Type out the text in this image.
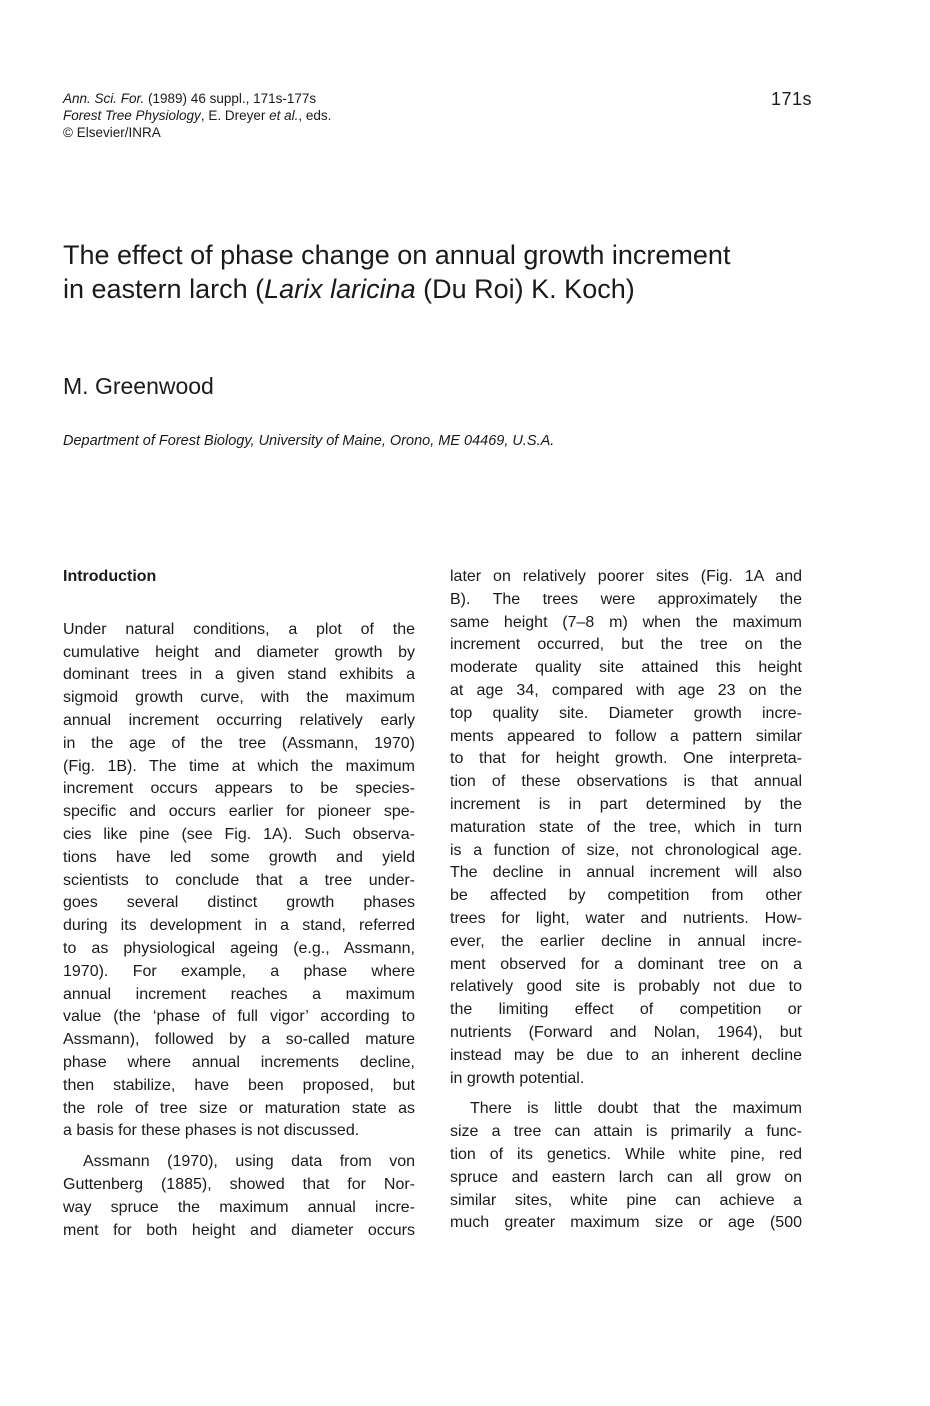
Ann. Sci. For. (1989) 46 suppl., 171s-177s
Forest Tree Physiology, E. Dreyer et al., eds.
© Elsevier/INRA
171s
The effect of phase change on annual growth increment
in eastern larch (Larix laricina (Du Roi) K. Koch)
M. Greenwood
Department of Forest Biology, University of Maine, Orono, ME 04469, U.S.A.
Introduction

Under natural conditions, a plot of the
cumulative height and diameter growth by
dominant trees in a given stand exhibits a
sigmoid growth curve, with the maximum
annual increment occurring relatively early
in the age of the tree (Assmann, 1970)
(Fig. 1B). The time at which the maximum
increment occurs appears to be species-
specific and occurs earlier for pioneer spe-
cies like pine (see Fig. 1A). Such observa-
tions have led some growth and yield
scientists to conclude that a tree under-
goes several distinct growth phases
during its development in a stand, referred
to as physiological ageing (e.g., Assmann,
1970). For example, a phase where
annual increment reaches a maximum
value (the ‘phase of full vigor’ according to
Assmann), followed by a so-called mature
phase where annual increments decline,
then stabilize, have been proposed, but
the role of tree size or maturation state as
a basis for these phases is not discussed.

Assmann (1970), using data from von
Guttenberg (1885), showed that for Nor-
way spruce the maximum annual incre-
ment for both height and diameter occurs

later on relatively poorer sites (Fig. 1A and
B). The trees were approximately the
same height (7–8 m) when the maximum
increment occurred, but the tree on the
moderate quality site attained this height
at age 34, compared with age 23 on the
top quality site. Diameter growth incre-
ments appeared to follow a pattern similar
to that for height growth. One interpreta-
tion of these observations is that annual
increment is in part determined by the
maturation state of the tree, which in turn
is a function of size, not chronological age.
The decline in annual increment will also
be affected by competition from other
trees for light, water and nutrients. How-
ever, the earlier decline in annual incre-
ment observed for a dominant tree on a
relatively good site is probably not due to
the limiting effect of competition or
nutrients (Forward and Nolan, 1964), but
instead may be due to an inherent decline
in growth potential.

There is little doubt that the maximum
size a tree can attain is primarily a func-
tion of its genetics. While white pine, red
spruce and eastern larch can all grow on
similar sites, white pine can achieve a
much greater maximum size or age (500
